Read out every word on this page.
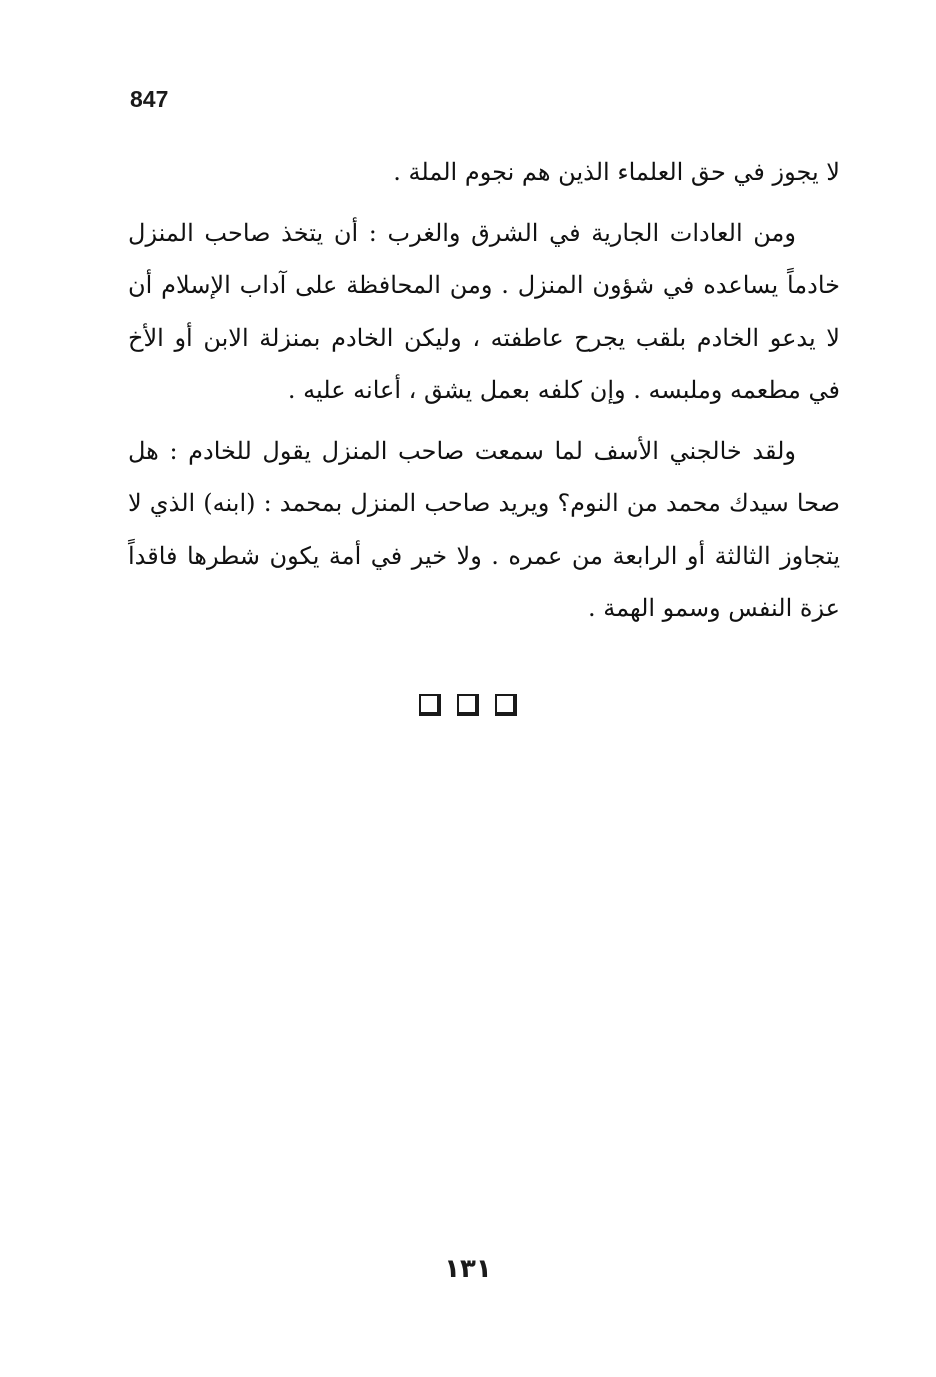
847

لا يجوز في حق العلماء الذين هم نجوم الملة .

ومن العادات الجارية في الشرق والغرب : أن يتخذ صاحب المنزل خادماً يساعده في شؤون المنزل . ومن المحافظة على آداب الإسلام أن لا يدعو الخادم بلقب يجرح عاطفته ، وليكن الخادم بمنزلة الابن أو الأخ في مطعمه وملبسه . وإن كلفه بعمل يشق ، أعانه عليه .

ولقد خالجني الأسف لما سمعت صاحب المنزل يقول للخادم : هل صحا سيدك محمد من النوم؟ ويريد صاحب المنزل بمحمد : (ابنه) الذي لا يتجاوز الثالثة أو الرابعة من عمره . ولا خير في أمة يكون شطرها فاقداً عزة النفس وسمو الهمة .

١٣١
